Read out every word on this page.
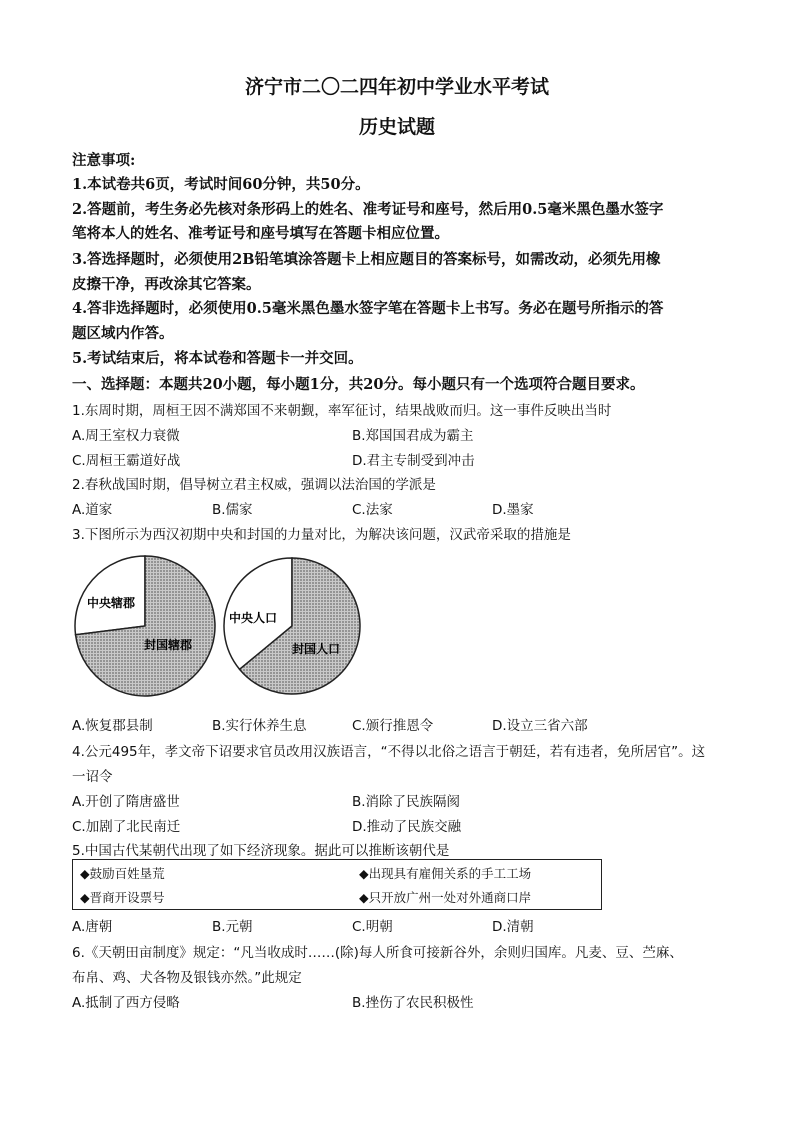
济宁市二〇二四年初中学业水平考试
历史试题
注意事项:
1.本试卷共6页，考试时间60分钟，共50分。
2.答题前，考生务必先核对条形码上的姓名、准考证号和座号，然后用0.5毫米黑色墨水签字
笔将本人的姓名、准考证号和座号填写在答题卡相应位置。
3.答选择题时，必须使用2B铅笔填涂答题卡上相应题目的答案标号，如需改动，必须先用橡
皮擦干净，再改涂其它答案。
4.答非选择题时，必须使用0.5毫米黑色墨水签字笔在答题卡上书写。务必在题号所指示的答
题区域内作答。
5.考试结束后，将本试卷和答题卡一并交回。
一、选择题：本题共20小题，每小题1分，共20分。每小题只有一个选项符合题目要求。
1.东周时期，周桓王因不满郑国不来朝觐，率军征讨，结果战败而归。这一事件反映出当时
A.周王室权力衰微	B.郑国国君成为霸主
C.周桓王霸道好战	D.君主专制受到冲击
2.春秋战国时期，倡导树立君主权威，强调以法治国的学派是
A.道家	B.儒家	C.法家	D.墨家
3.下图所示为西汉初期中央和封国的力量对比，为解决该问题，汉武帝采取的措施是
中央辖郡
封国辖郡
中央人口
封国人口
A.恢复郡县制	B.实行休养生息	C.颁行推恩令	D.设立三省六部
4.公元495年，孝文帝下诏要求官员改用汉族语言，“不得以北俗之语言于朝廷，若有违者，免所居官”。这
一诏令
A.开创了隋唐盛世	B.消除了民族隔阂
C.加剧了北民南迁	D.推动了民族交融
5.中国古代某朝代出现了如下经济现象。据此可以推断该朝代是
◆鼓励百姓垦荒	◆出现具有雇佣关系的手工工场
◆晋商开设票号	◆只开放广州一处对外通商口岸
A.唐朝	B.元朝	C.明朝	D.清朝
6.《天朝田亩制度》规定：“凡当收成时……(除)每人所食可接新谷外，余则归国库。凡麦、豆、苎麻、
布帛、鸡、犬各物及银钱亦然。”此规定
A.抵制了西方侵略	B.挫伤了农民积极性
